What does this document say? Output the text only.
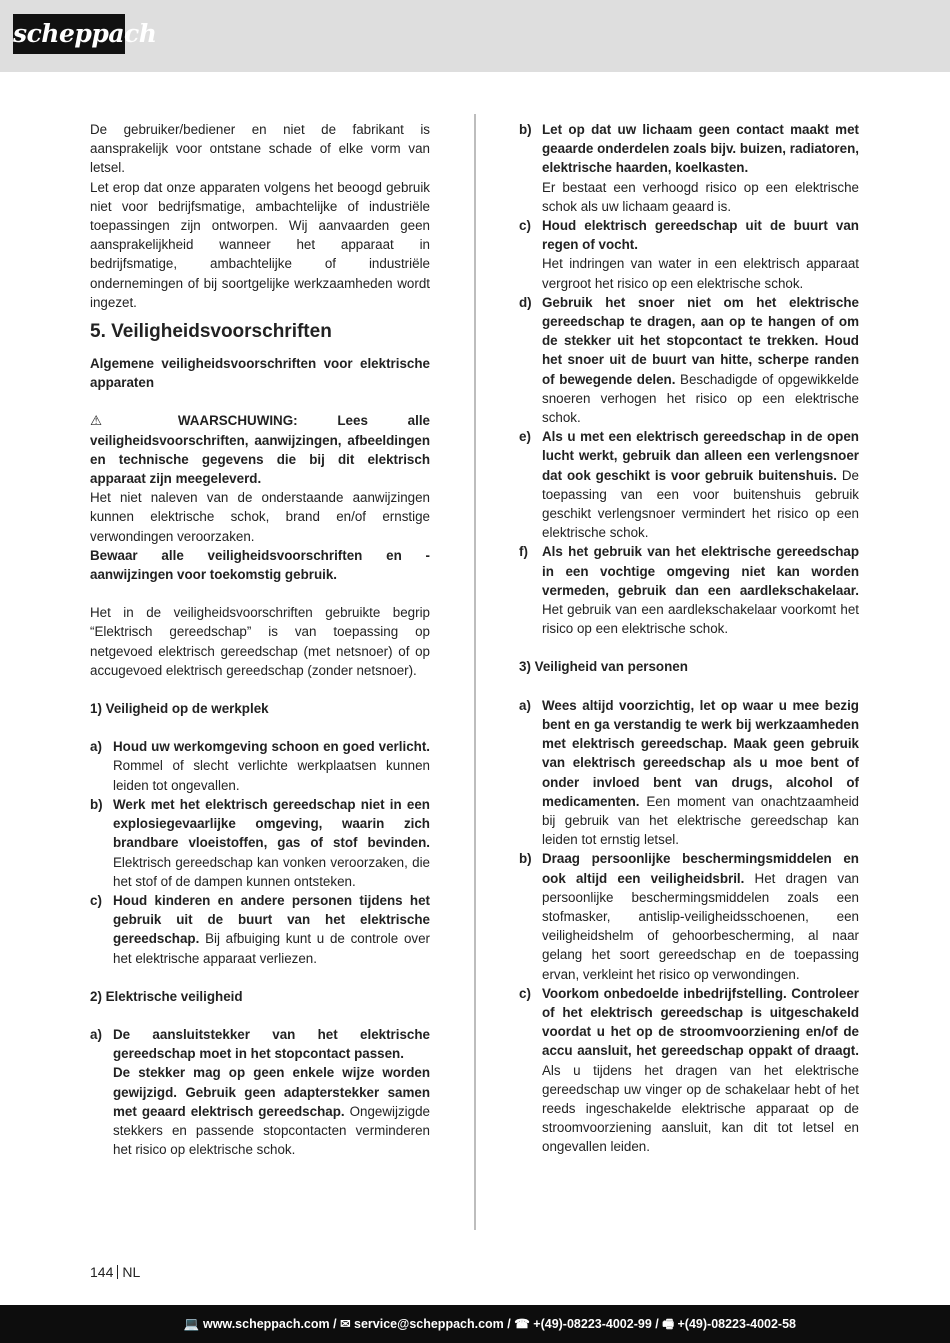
scheppach

De gebruiker/bediener en niet de fabrikant is aansprakelijk voor ontstane schade of elke vorm van letsel.

Let erop dat onze apparaten volgens het beoogd gebruik niet voor bedrijfsmatige, ambachtelijke of industriële toepassingen zijn ontworpen. Wij aanvaarden geen aansprakelijkheid wanneer het apparaat in bedrijfsmatige, ambachtelijke of industriële ondernemingen of bij soortgelijke werkzaamheden wordt ingezet.

5. Veiligheidsvoorschriften

Algemene veiligheidsvoorschriften voor elektrische apparaten

⚠	WAARSCHUWING: Lees alle veiligheidsvoorschriften, aanwijzingen, afbeeldingen en technische gegevens die bij dit elektrisch apparaat zijn meegeleverd.

Het niet naleven van de onderstaande aanwijzingen kunnen elektrische schok, brand en/of ernstige verwondingen veroorzaken.

Bewaar alle veiligheidsvoorschriften en -aanwijzingen voor toekomstig gebruik.

Het in de veiligheidsvoorschriften gebruikte begrip “Elektrisch gereedschap” is van toepassing op netgevoed elektrisch gereedschap (met netsnoer) of op accugevoed elektrisch gereedschap (zonder netsnoer).

1) Veiligheid op de werkplek

a) Houd uw werkomgeving schoon en goed verlicht. Rommel of slecht verlichte werkplaatsen kunnen leiden tot ongevallen.
b) Werk met het elektrisch gereedschap niet in een explosiegevaarlijke omgeving, waarin zich brandbare vloeistoffen, gas of stof bevinden. Elektrisch gereedschap kan vonken veroorzaken, die het stof of de dampen kunnen ontsteken.
c) Houd kinderen en andere personen tijdens het gebruik uit de buurt van het elektrische gereedschap. Bij afbuiging kunt u de controle over het elektrische apparaat verliezen.

2) Elektrische veiligheid

a) De aansluitstekker van het elektrische gereedschap moet in het stopcontact passen.
De stekker mag op geen enkele wijze worden gewijzigd. Gebruik geen adapterstekker samen met geaard elektrisch gereedschap. Ongewijzigde stekkers en passende stopcontacten verminderen het risico op elektrische schok.
b) Let op dat uw lichaam geen contact maakt met geaarde onderdelen zoals bijv. buizen, radiatoren, elektrische haarden, koelkasten.
Er bestaat een verhoogd risico op een elektrische schok als uw lichaam geaard is.
c) Houd elektrisch gereedschap uit de buurt van regen of vocht.
Het indringen van water in een elektrisch apparaat vergroot het risico op een elektrische schok.
d) Gebruik het snoer niet om het elektrische gereedschap te dragen, aan op te hangen of om de stekker uit het stopcontact te trekken. Houd het snoer uit de buurt van hitte, scherpe randen of bewegende delen. Beschadigde of opgewikkelde snoeren verhogen het risico op een elektrische schok.
e) Als u met een elektrisch gereedschap in de open lucht werkt, gebruik dan alleen een verlengsnoer dat ook geschikt is voor gebruik buitenshuis. De toepassing van een voor buitenshuis gebruik geschikt verlengsnoer vermindert het risico op een elektrische schok.
f)	Als het gebruik van het elektrische gereedschap in een vochtige omgeving niet kan worden vermeden, gebruik dan een aardlekschakelaar. Het gebruik van een aardlekschakelaar voorkomt het risico op een elektrische schok.

3) Veiligheid van personen

a) Wees altijd voorzichtig, let op waar u mee bezig bent en ga verstandig te werk bij werkzaamheden met elektrisch gereedschap. Maak geen gebruik van elektrisch gereedschap als u moe bent of onder invloed bent van drugs, alcohol of medicamenten. Een moment van onachtzaamheid bij gebruik van het elektrische gereedschap kan leiden tot ernstig letsel.
b) Draag persoonlijke beschermingsmiddelen en ook altijd een veiligheidsbril. Het dragen van persoonlijke beschermingsmiddelen zoals een stofmasker, antislip-veiligheidsschoenen, een veiligheidshelm of gehoorbescherming, al naar gelang het soort gereedschap en de toepassing ervan, verkleint het risico op verwondingen.
c) Voorkom onbedoelde inbedrijfstelling. Controleer of het elektrisch gereedschap is uitgeschakeld voordat u het op de stroomvoorziening en/of de accu aansluit, het gereedschap oppakt of draagt. Als u tijdens het dragen van het elektrische gereedschap uw vinger op de schakelaar hebt of het reeds ingeschakelde elektrische apparaat op de stroomvoorziening aansluit, kan dit tot letsel en ongevallen leiden.
144 NL
💻 www.scheppach.com / ✉ service@scheppach.com / ☎ +(49)-08223-4002-99 / 🖷 +(49)-08223-4002-58
